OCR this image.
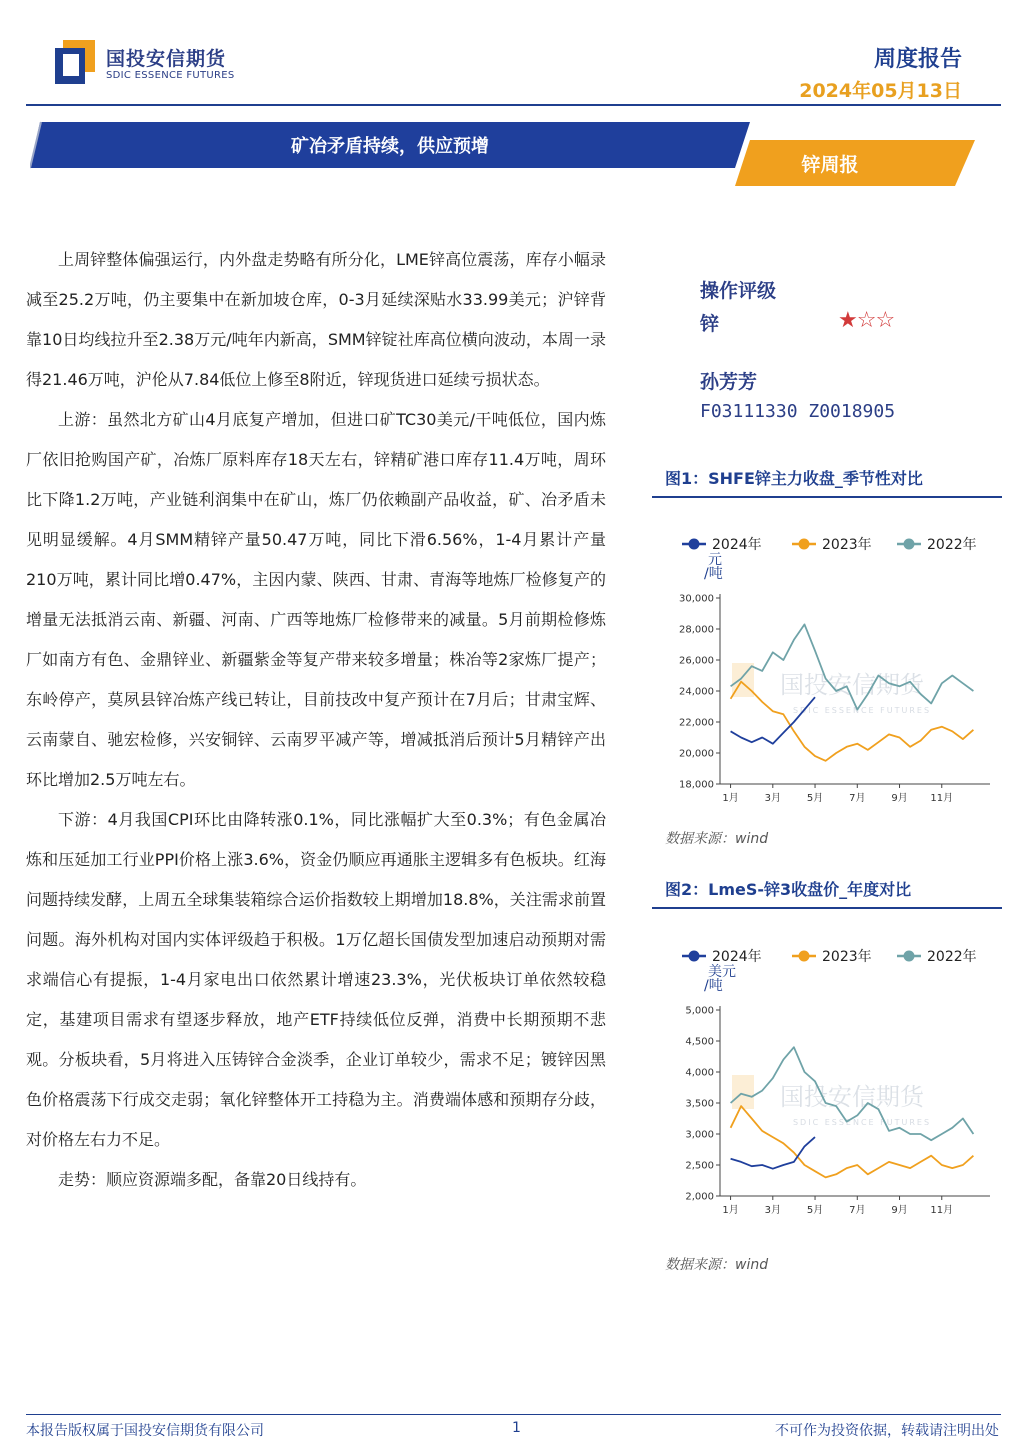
国投安信期货
SDIC ESSENCE FUTURES
周度报告
2024年05月13日
矿冶矛盾持续，供应预增
锌周报

上周锌整体偏强运行，内外盘走势略有所分化，LME锌高位震荡，库存小幅录减至25.2万吨，仍主要集中在新加坡仓库，0-3月延续深贴水33.99美元；沪锌背靠10日均线拉升至2.38万元/吨年内新高，SMM锌锭社库高位横向波动，本周一录得21.46万吨，沪伦从7.84低位上修至8附近，锌现货进口延续亏损状态。

上游：虽然北方矿山4月底复产增加，但进口矿TC30美元/干吨低位，国内炼厂依旧抢购国产矿，冶炼厂原料库存18天左右，锌精矿港口库存11.4万吨，周环比下降1.2万吨，产业链利润集中在矿山，炼厂仍依赖副产品收益，矿、冶矛盾未见明显缓解。4月SMM精锌产量50.47万吨，同比下滑6.56%，1-4月累计产量210万吨，累计同比增0.47%，主因内蒙、陕西、甘肃、青海等地炼厂检修复产的增量无法抵消云南、新疆、河南、广西等地炼厂检修带来的减量。5月前期检修炼厂如南方有色、金鼎锌业、新疆紫金等复产带来较多增量；株冶等2家炼厂提产；东岭停产，莫夙县锌冶炼产线已转让，目前技改中复产预计在7月后；甘肃宝辉、云南蒙自、驰宏检修，兴安铜锌、云南罗平减产等，增减抵消后预计5月精锌产出环比增加2.5万吨左右。

下游：4月我国CPI环比由降转涨0.1%，同比涨幅扩大至0.3%；有色金属冶炼和压延加工行业PPI价格上涨3.6%，资金仍顺应再通胀主逻辑多有色板块。红海问题持续发酵，上周五全球集装箱综合运价指数较上期增加18.8%，关注需求前置问题。海外机构对国内实体评级趋于积极。1万亿超长国债发型加速启动预期对需求端信心有提振，1-4月家电出口依然累计增速23.3%，光伏板块订单依然较稳定，基建项目需求有望逐步释放，地产ETF持续低位反弹，消费中长期预期不悲观。分板块看，5月将进入压铸锌合金淡季，企业订单较少，需求不足；镀锌因黑色价格震荡下行成交走弱；氧化锌整体开工持稳为主。消费端体感和预期存分歧，对价格左右力不足。

走势：顺应资源端多配，备靠20日线持有。

操作评级
锌	★☆☆
孙芳芳
F03111330 Z0018905
图1：SHFE锌主力收盘_季节性对比
国投安信期货
SDIC ESSENCE FUTURES
2024年	2023年	2022年
元
/吨
30,000
28,000
26,000
24,000
22,000
20,000
18,000
1月	3月	5月	7月	9月 11月
数据来源：wind
图2：LmeS-锌3收盘价_年度对比
国投安信期货
SDIC ESSENCE FUTURES
2024年	2023年	2022年
美元
/吨
5,000
4,500
4,000
3,500
3,000
2,500
2,000
1月	3月	5月	7月	9月 11月
数据来源：wind
本报告版权属于国投安信期货有限公司	1	不可作为投资依据，转载请注明出处
